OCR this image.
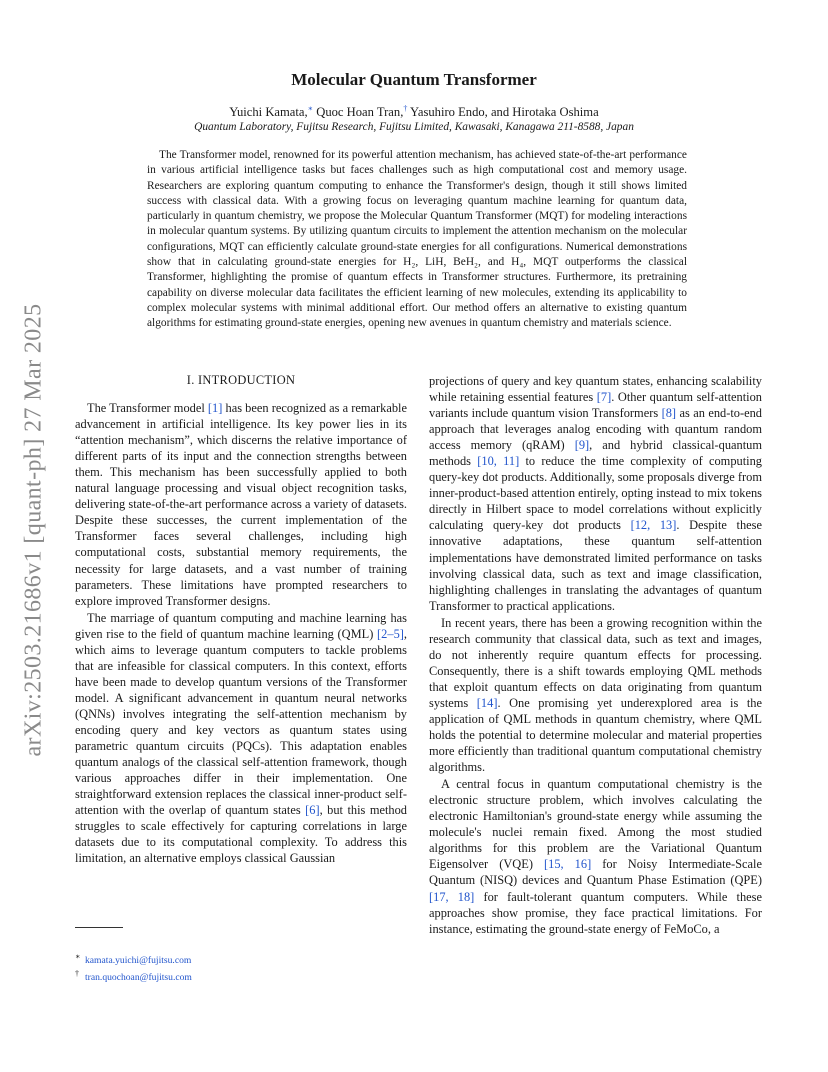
arXiv:2503.21686v1 [quant-ph] 27 Mar 2025
Molecular Quantum Transformer

Yuichi Kamata,∗ Quoc Hoan Tran,† Yasuhiro Endo, and Hirotaka Oshima

Quantum Laboratory, Fujitsu Research, Fujitsu Limited, Kawasaki, Kanagawa 211-8588, Japan

The Transformer model, renowned for its powerful attention mechanism, has achieved state-of-the-art performance in various artificial intelligence tasks but faces challenges such as high computational cost and memory usage. Researchers are exploring quantum computing to enhance the Transformer's design, though it still shows limited success with classical data. With a growing focus on leveraging quantum machine learning for quantum data, particularly in quantum chemistry, we propose the Molecular Quantum Transformer (MQT) for modeling interactions in molecular quantum systems. By utilizing quantum circuits to implement the attention mechanism on the molecular configurations, MQT can efficiently calculate ground-state energies for all configurations. Numerical demonstrations show that in calculating ground-state energies for H₂, LiH, BeH₂, and H₄, MQT outperforms the classical Transformer, highlighting the promise of quantum effects in Transformer structures. Furthermore, its pretraining capability on diverse molecular data facilitates the efficient learning of new molecules, extending its applicability to complex molecular systems with minimal additional effort. Our method offers an alternative to existing quantum algorithms for estimating ground-state energies, opening new avenues in quantum chemistry and materials science.

I. INTRODUCTION

The Transformer model [1] has been recognized as a remarkable advancement in artificial intelligence. Its key power lies in its “attention mechanism”, which discerns the relative importance of different parts of its input and the connection strengths between them. This mechanism has been successfully applied to both natural language processing and visual object recognition tasks, delivering state-of-the-art performance across a variety of datasets. Despite these successes, the current implementation of the Transformer faces several challenges, including high computational costs, substantial memory requirements, the necessity for large datasets, and a vast number of training parameters. These limitations have prompted researchers to explore improved Transformer designs.

The marriage of quantum computing and machine learning has given rise to the field of quantum machine learning (QML) [2–5], which aims to leverage quantum computers to tackle problems that are infeasible for classical computers. In this context, efforts have been made to develop quantum versions of the Transformer model. A significant advancement in quantum neural networks (QNNs) involves integrating the self-attention mechanism by encoding query and key vectors as quantum states using parametric quantum circuits (PQCs). This adaptation enables quantum analogs of the classical self-attention framework, though various approaches differ in their implementation. One straightforward extension replaces the classical inner-product self-attention with the overlap of quantum states [6], but this method struggles to scale effectively for capturing correlations in large datasets due to its computational complexity. To address this limitation, an alternative employs classical Gaussian

projections of query and key quantum states, enhancing scalability while retaining essential features [7]. Other quantum self-attention variants include quantum vision Transformers [8] as an end-to-end approach that leverages analog encoding with quantum random access memory (qRAM) [9], and hybrid classical-quantum methods [10, 11] to reduce the time complexity of computing query-key dot products. Additionally, some proposals diverge from inner-product-based attention entirely, opting instead to mix tokens directly in Hilbert space to model correlations without explicitly calculating query-key dot products [12, 13]. Despite these innovative adaptations, these quantum self-attention implementations have demonstrated limited performance on tasks involving classical data, such as text and image classification, highlighting challenges in translating the advantages of quantum Transformer to practical applications.

In recent years, there has been a growing recognition within the research community that classical data, such as text and images, do not inherently require quantum effects for processing. Consequently, there is a shift towards employing QML methods that exploit quantum effects on data originating from quantum systems [14]. One promising yet underexplored area is the application of QML methods in quantum chemistry, where QML holds the potential to determine molecular and material properties more efficiently than traditional quantum computational chemistry algorithms.

A central focus in quantum computational chemistry is the electronic structure problem, which involves calculating the electronic Hamiltonian's ground-state energy while assuming the molecule's nuclei remain fixed. Among the most studied algorithms for this problem are the Variational Quantum Eigensolver (VQE) [15, 16] for Noisy Intermediate-Scale Quantum (NISQ) devices and Quantum Phase Estimation (QPE) [17, 18] for fault-tolerant quantum computers. While these approaches show promise, they face practical limitations. For instance, estimating the ground-state energy of FeMoCo, a

∗ kamata.yuichi@fujitsu.com
† tran.quochoan@fujitsu.com
